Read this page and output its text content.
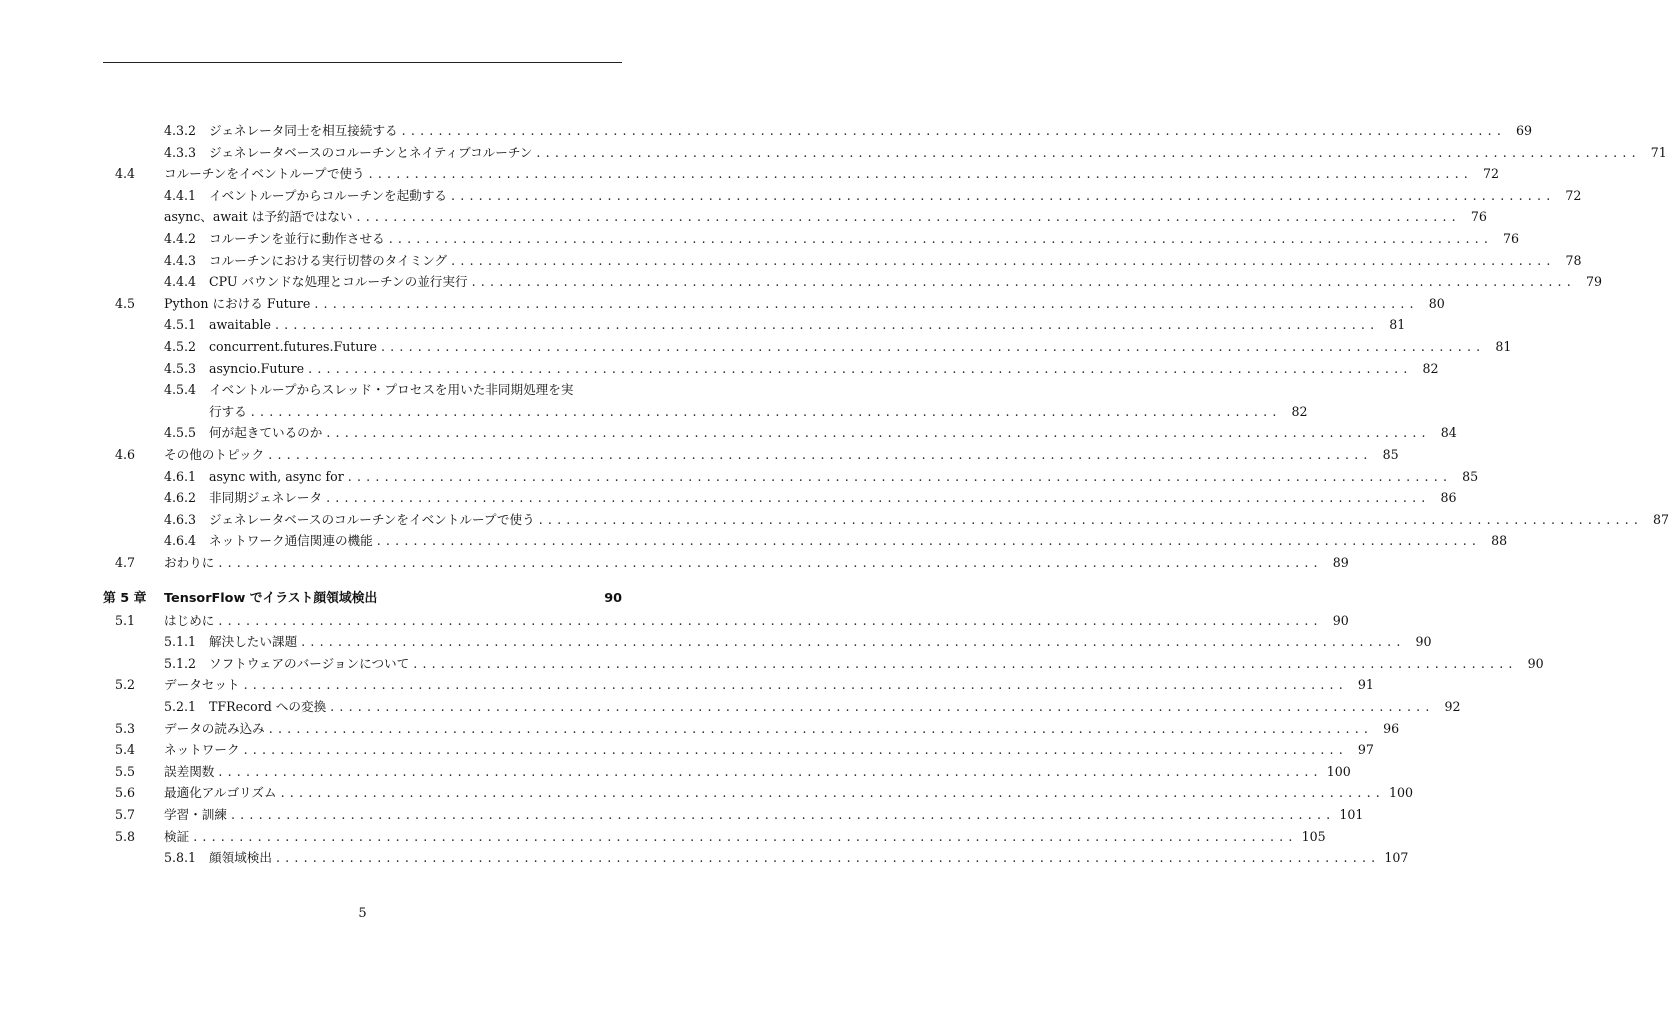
4.3.2 ジェネレータ同士を相互接続する ........................................................................................................................ 69
4.3.3 ジェネレータベースのコルーチンとネイティブコルーチン ........................................................................................................................ 71
4.4 コルーチンをイベントループで使う ........................................................................................................................ 72
4.4.1 イベントループからコルーチンを起動する ........................................................................................................................ 72
async、await は予約語ではない ........................................................................................................................ 76
4.4.2 コルーチンを並行に動作させる ........................................................................................................................ 76
4.4.3 コルーチンにおける実行切替のタイミング ........................................................................................................................ 78
4.4.4 CPU バウンドな処理とコルーチンの並行実行 ........................................................................................................................ 79
4.5 Python における Future ........................................................................................................................ 80
4.5.1 awaitable ........................................................................................................................ 81
4.5.2 concurrent.futures.Future ........................................................................................................................ 81
4.5.3 asyncio.Future ........................................................................................................................ 82
4.5.4 イベントループからスレッド・プロセスを用いた非同期処理を実
行する ................................................................................................................ 82
4.5.5 何が起きているのか ........................................................................................................................ 84
4.6 その他のトピック ........................................................................................................................ 85
4.6.1 async with, async for ........................................................................................................................ 85
4.6.2 非同期ジェネレータ ........................................................................................................................ 86
4.6.3 ジェネレータベースのコルーチンをイベントループで使う ........................................................................................................................ 87
4.6.4 ネットワーク通信関連の機能 ........................................................................................................................ 88
4.7 おわりに ........................................................................................................................ 89
第 5 章 TensorFlow でイラスト顔領域検出	90
5.1 はじめに ........................................................................................................................ 90
5.1.1 解決したい課題 ........................................................................................................................ 90
5.1.2 ソフトウェアのバージョンについて ........................................................................................................................ 90
5.2 データセット ........................................................................................................................ 91
5.2.1 TFRecord への変換 ........................................................................................................................ 92
5.3 データの読み込み ........................................................................................................................ 96
5.4 ネットワーク ........................................................................................................................ 97
5.5 誤差関数 ........................................................................................................................ 100
5.6 最適化アルゴリズム ........................................................................................................................ 100
5.7 学習・訓練 ........................................................................................................................ 101
5.8 検証 ........................................................................................................................ 105
5.8.1 顔領域検出 ........................................................................................................................ 107
5
